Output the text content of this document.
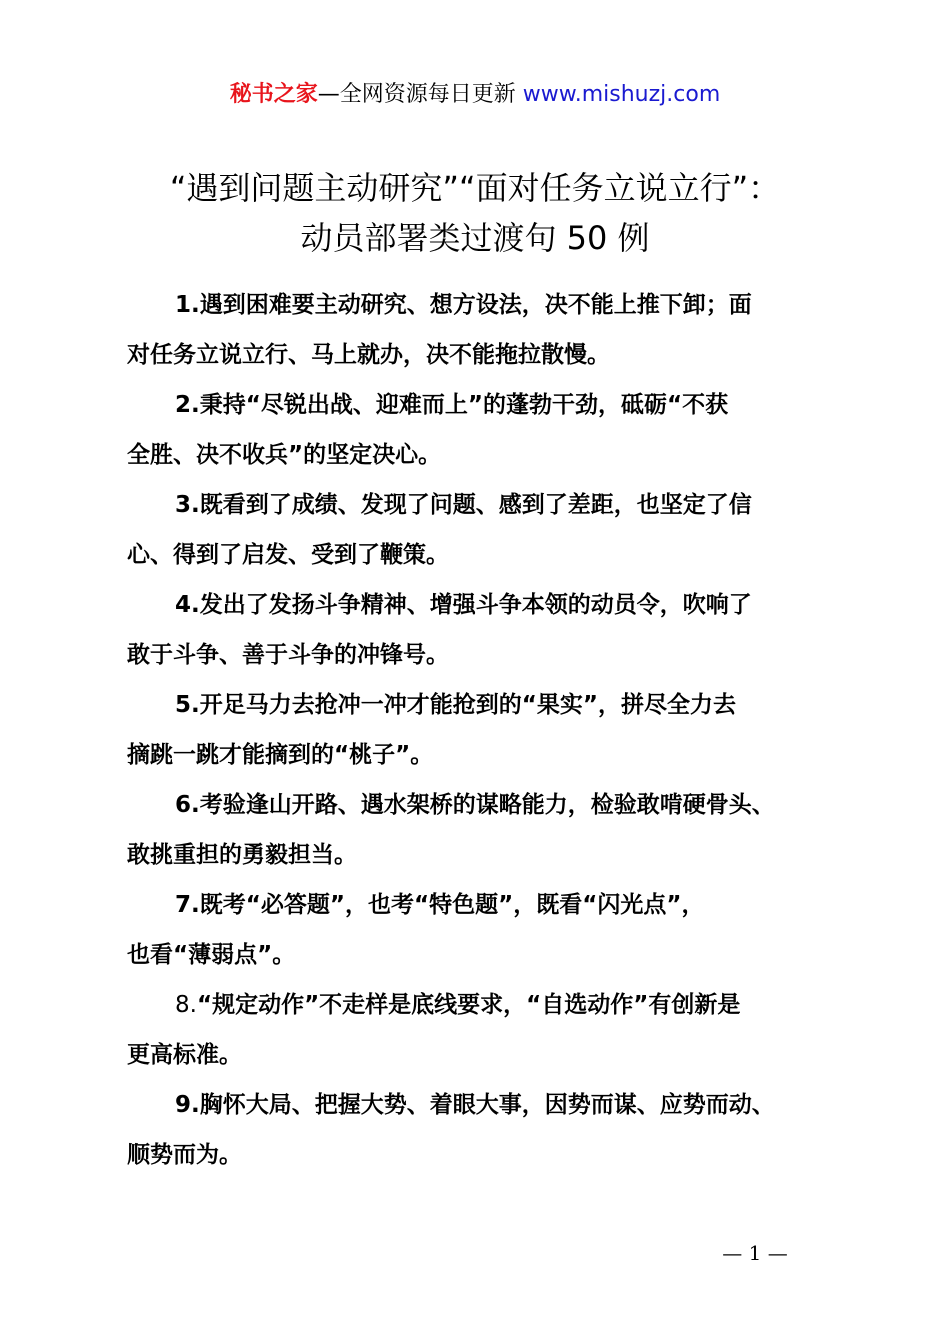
秘书之家—全网资源每日更新 www.mishuzj.com
“遇到问题主动研究”“面对任务立说立行”：
动员部署类过渡句 50 例

1.遇到困难要主动研究、想方设法，决不能上推下卸；面
对任务立说立行、马上就办，决不能拖拉散慢。

2.秉持“尽锐出战、迎难而上”的蓬勃干劲，砥砺“不获
全胜、决不收兵”的坚定决心。

3.既看到了成绩、发现了问题、感到了差距，也坚定了信
心、得到了启发、受到了鞭策。

4.发出了发扬斗争精神、增强斗争本领的动员令，吹响了
敢于斗争、善于斗争的冲锋号。

5.开足马力去抢冲一冲才能抢到的“果实”，拼尽全力去
摘跳一跳才能摘到的“桃子”。

6.考验逢山开路、遇水架桥的谋略能力，检验敢啃硬骨头、
敢挑重担的勇毅担当。

7.既考“必答题”，也考“特色题”，既看“闪光点”，
也看“薄弱点”。

8.“规定动作”不走样是底线要求，“自选动作”有创新是
更高标准。

9.胸怀大局、把握大势、着眼大事，因势而谋、应势而动、
顺势而为。

— 1 —
